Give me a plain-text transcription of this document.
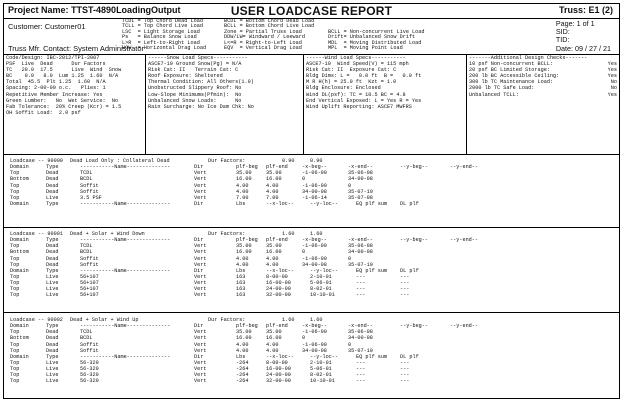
Project Name: TTST-4890LoadingOutput	USER LOADCASE REPORT	Truss: E1 (2)
Customer: Customer01
Truss Mfr. Contact: System Administrator
TCDL = Top Chord Dead Load	BCDL = Bottom Chord Dead Load
TCLL = Top Chord Live Load	BCLL = Bottom Chord Live Load
LSC  = Light Storage Load	Zone = Partial Truss Load	BCLL = Non-concurrent Live Load
Ps   = Balance Snow Load	DDW/LW= Windward / Leeward	Drift= Unbalanced Snow Drift
L>R  = Left-to-Right Load	L<=R = Right-to-Left Load	MDL  = Moving Distributed Load
HOW  = Horizontal Drag Load	EQV  = Vertical Drag Load	MPL  = Moving Point Load
Page: 1 of 1
SID:
TID:
Date: 09 / 27 / 21
Code/Design: IBC-2012/TPI-2007
PSF  Live  Dead      Dur Factors
TC   20.0  17.5      Live  Wind  Snow
BC    0.0   8.0  Lum 1.25  1.60  N/A
Total  45.5  Plt 1.25  1.60  N/A
Spacing: 2-00-00 o.c.   Plies: 1
Repetitive Member Increase: Yes
Green Lumber:   No  Wet Service:  No
Fab Tolerance:  20% Creep (Kcr) = 1.5
OH Soffit Load:  2.0 psf
------Snow Load Specs-----------
ASCE7-10 Ground Snow(Pg) = N/A
Risk Cat: II   Terrain Cat: C
Roof Exposure: Sheltered
Thermal Condition: All Others(1.0)
Unobstructed Slippery Roof: No
Low-Slope Minimums(Pfmin):  No
Unbalanced Snow Loads:      No
Rain Surcharge: No Ice Dam Chk: No
------Wind Load Specs-----------
ASCE7-10  Wind Speed(V) = 115 mph
Risk Cat: II  Exposure Cat: C
Bldg Dims: L =   0.0 ft  B =   0.0 ft
M R H(h) = 25.0 ft  Kzt = 1.0
Bldg Enclosure: Enclosed
Wind DL(psf): TC = 10.5 BC = 4.8
End Vertical Exposed: L = Yes R = Yes
Wind Uplift Reporting: ASCE7 MWFRS
-------Additional Design Checks-------
10 psf Non-concurrent BCLL:	Yes
20 psf BC Limited Storage:	Yes
200 lb BC Accessible Ceiling:	Yes
300 lb TC Maintenance Load:	No
2000 lb TC Safe Load:	No
Unbalanced TCLL:	Yes
Loadcase -- 90000 Dead Load Only : Collateral Dead	Dur Factors:	0.90	0.90
Domain	Type	-----------Name--------------	Dir	plf-beg plf-end	-x-beg--	-x-end--	--y-beg--	--y-end--
Top	Dead	TCDL	Vert	35.00	35.00	-1-06-00	35-06-08
Bottom	Dead	BCDL	Vert	16.00	16.00	0	34-00-08
Top	Dead	Soffit	Vert	4.00	4.00	-1-06-00	0
Top	Dead	Soffit	Vert	4.00	4.00	34-00-08	35-07-10
Top	Live	3.5 PSF	Vert	7.00	7.00	-1-06-14	35-07-08
Domain	Type	-----------Name--------------	Dir	Lbs	--x-loc--	--y-loc--	EQ plf sum DL plf
Loadcase -- 90001 Dead + Solar + Wind Down	Dur Factors:	1.60	1.60
Domain	Type	-----------Name--------------	Dir	plf-beg plf-end	-x-beg--	-x-end--	--y-beg--	--y-end--
Top	Dead	TCDL	Vert	35.00	35.00	-1-06-00	35-06-08
Bottom	Dead	BCDL	Vert	16.00	16.00	0	34-00-08
Top	Dead	Soffit	Vert	4.00	4.00	-1-06-00	0
Top	Dead	Soffit	Vert	4.00	4.00	34-00-08	35-07-10
Domain	Type	-----------Name--------------	Dir	Lbs	--x-loc--	--y-loc--	EQ plf sum DL plf
Top	Live	56+107	Vert	163	8-00-00	2-10-01	---	---
Top	Live	56+107	Vert	163	16-00-00	5-06-01	---	---
Top	Live	56+107	Vert	163	24-00-00	8-02-01	---	---
Top	Live	56+107	Vert	163	32-00-00	10-10-01	---	---
Loadcase -- 90002 Dead + Solar + Wind Up	Dur Factors:	1.60	1.60
Domain	Type	-----------Name--------------	Dir	plf-beg plf-end	-x-beg--	-x-end--	--y-beg--	--y-end--
Top	Dead	TCDL	Vert	35.00	35.00	-1-06-00	35-06-08
Bottom	Dead	BCDL	Vert	16.00	16.00	0	34-00-08
Top	Dead	Soffit	Vert	4.00	4.00	-1-06-00	0
Top	Dead	Soffit	Vert	4.00	4.00	34-00-08	35-07-10
Domain	Type	-----------Name--------------	Dir	Lbs	--x-loc--	--y-loc--	EQ plf sum DL plf
Top	Live	56-320	Vert	-264	8-00-00	2-10-01	---	---
Top	Live	56-320	Vert	-264	16-00-00	5-06-01	---	---
Top	Live	56-320	Vert	-264	24-00-00	8-02-01	---	---
Top	Live	56-320	Vert	-264	32-00-00	10-10-01	---	---
